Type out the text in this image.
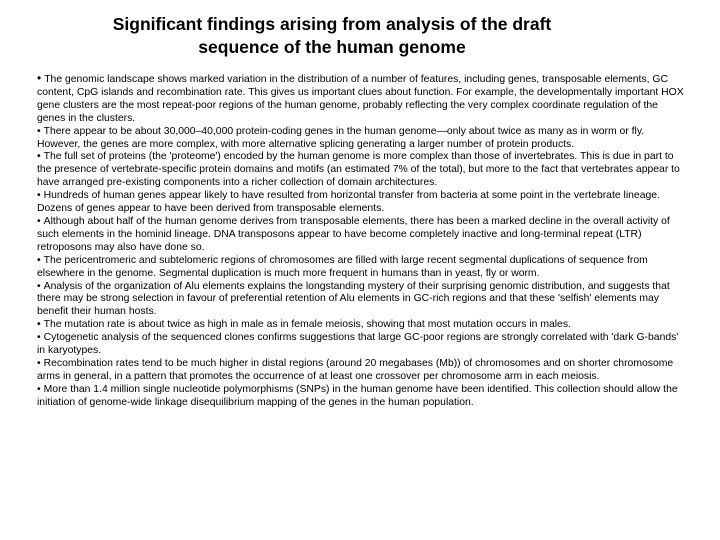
Significant findings arising from analysis of the draft
sequence of the human genome

• The genomic landscape shows marked variation in the distribution of a number of features, including genes, transposable elements, GC content, CpG islands and recombination rate. This gives us important clues about function. For example, the developmentally important HOX gene clusters are the most repeat-poor regions of the human genome, probably reflecting the very complex coordinate regulation of the genes in the clusters.

• There appear to be about 30,000–40,000 protein-coding genes in the human genome—only about twice as many as in worm or fly. However, the genes are more complex, with more alternative splicing generating a larger number of protein products.

• The full set of proteins (the 'proteome') encoded by the human genome is more complex than those of invertebrates. This is due in part to the presence of vertebrate-specific protein domains and motifs (an estimated 7% of the total), but more to the fact that vertebrates appear to have arranged pre-existing components into a richer collection of domain architectures.

• Hundreds of human genes appear likely to have resulted from horizontal transfer from bacteria at some point in the vertebrate lineage. Dozens of genes appear to have been derived from transposable elements.

• Although about half of the human genome derives from transposable elements, there has been a marked decline in the overall activity of such elements in the hominid lineage. DNA transposons appear to have become completely inactive and long-terminal repeat (LTR) retroposons may also have done so.

• The pericentromeric and subtelomeric regions of chromosomes are filled with large recent segmental duplications of sequence from elsewhere in the genome. Segmental duplication is much more frequent in humans than in yeast, fly or worm.

• Analysis of the organization of Alu elements explains the longstanding mystery of their surprising genomic distribution, and suggests that there may be strong selection in favour of preferential retention of Alu elements in GC-rich regions and that these 'selfish' elements may benefit their human hosts.

• The mutation rate is about twice as high in male as in female meiosis, showing that most mutation occurs in males.

• Cytogenetic analysis of the sequenced clones confirms suggestions that large GC-poor regions are strongly correlated with 'dark G-bands' in karyotypes.

• Recombination rates tend to be much higher in distal regions (around 20 megabases (Mb)) of chromosomes and on shorter chromosome arms in general, in a pattern that promotes the occurrence of at least one crossover per chromosome arm in each meiosis.

• More than 1.4 million single nucleotide polymorphisms (SNPs) in the human genome have been identified. This collection should allow the initiation of genome-wide linkage disequilibrium mapping of the genes in the human population.
